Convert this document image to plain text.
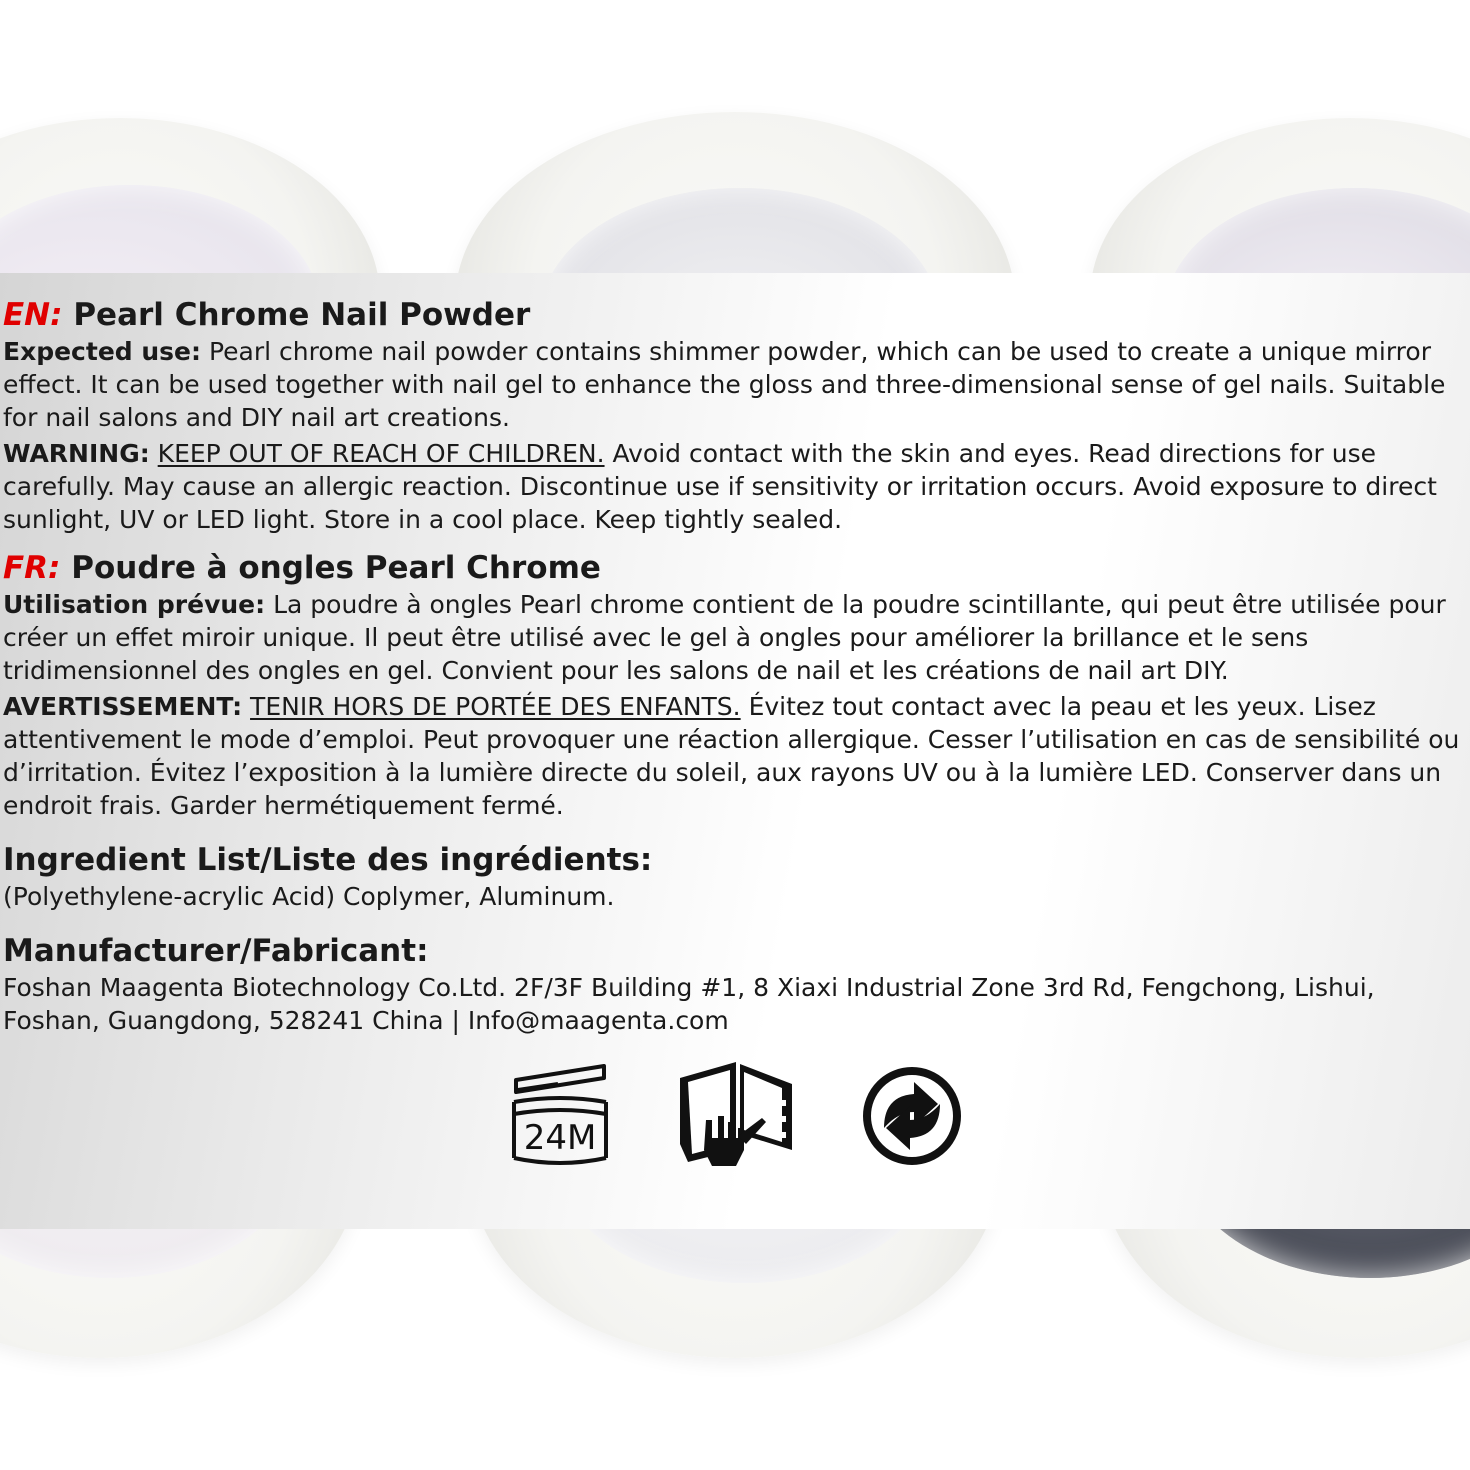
EN: Pearl Chrome Nail Powder

Expected use: Pearl chrome nail powder contains shimmer powder, which can be used to create a unique mirror effect. It can be used together with nail gel to enhance the gloss and three-dimensional sense of gel nails. Suitable for nail salons and DIY nail art creations.

WARNING: KEEP OUT OF REACH OF CHILDREN. Avoid contact with the skin and eyes. Read directions for use carefully. May cause an allergic reaction. Discontinue use if sensitivity or irritation occurs. Avoid exposure to direct sunlight, UV or LED light. Store in a cool place. Keep tightly sealed.

FR: Poudre à ongles Pearl Chrome

Utilisation prévue: La poudre à ongles Pearl chrome contient de la poudre scintillante, qui peut être utilisée pour créer un effet miroir unique. Il peut être utilisé avec le gel à ongles pour améliorer la brillance et le sens tridimensionnel des ongles en gel. Convient pour les salons de nail et les créations de nail art DIY.

AVERTISSEMENT: TENIR HORS DE PORTÉE DES ENFANTS. Évitez tout contact avec la peau et les yeux. Lisez attentivement le mode d’emploi. Peut provoquer une réaction allergique. Cesser l’utilisation en cas de sensibilité ou d’irritation. Évitez l’exposition à la lumière directe du soleil, aux rayons UV ou à la lumière LED. Conserver dans un endroit frais. Garder hermétiquement fermé.

Ingredient List/Liste des ingrédients:

(Polyethylene-acrylic Acid) Coplymer, Aluminum.

Manufacturer/Fabricant:

Foshan Maagenta Biotechnology Co.Ltd. 2F/3F Building #1, 8 Xiaxi Industrial Zone 3rd Rd, Fengchong, Lishui,

Foshan, Guangdong, 528241 China | Info@maagenta.com

24M
